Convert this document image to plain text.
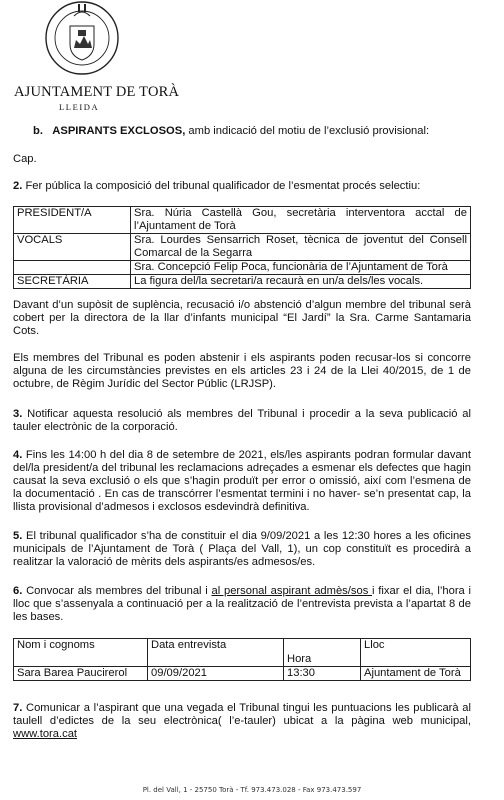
AJUNTAMENT DE TORÀ
LLEIDA
b. ASPIRANTS EXCLOSOS, amb indicació del motiu de l’exclusió provisional:
Cap.
2. Fer pública la composició del tribunal qualificador de l’esmentat procés selectiu:
PRESIDENT/A	Sra. Núria Castellà Gou, secretària interventora acctal de l’Ajuntament de Torà
VOCALS	Sra. Lourdes Sensarrich Roset, tècnica de joventut del Consell Comarcal de la Segarra
	Sra. Concepció Felip Poca, funcionària de l’Ajuntament de Torà
SECRETÀRIA	La figura del/la secretari/a recaurà en un/a dels/les vocals.
Davant d’un supòsit de suplència, recusació i/o abstenció d’algun membre del tribunal serà cobert per la directora de la llar d’infants municipal “El Jardí” la Sra. Carme Santamaria Cots.
Els membres del Tribunal es poden abstenir i els aspirants poden recusar-los si concorre alguna de les circumstàncies previstes en els articles 23 i 24 de la Llei 40/2015, de 1 de octubre, de Règim Jurídic del Sector Públic (LRJSP).
3. Notificar aquesta resolució als membres del Tribunal i procedir a la seva publicació al tauler electrònic de la corporació.
4. Fins les 14:00 h del dia 8 de setembre de 2021, els/les aspirants podran formular davant del/la president/a del tribunal les reclamacions adreçades a esmenar els defectes que hagin causat la seva exclusió o els que s’hagin produït per error o omissió, així com l’esmena de la documentació . En cas de transcórrer l’esmentat termini i no haver- se’n presentat cap, la llista provisional d’admesos i exclosos esdevindrà definitiva.
5. El tribunal qualificador s’ha de constituir el dia 9/09/2021 a les 12:30 hores a les oficines municipals de l’Ajuntament de Torà ( Plaça del Vall, 1), un cop constituït es procedirà a realitzar la valoració de mèrits dels aspirants/es admesos/es.
6. Convocar als membres del tribunal i al personal aspirant admès/sos i fixar el dia, l’hora i lloc que s’assenyala a continuació per a la realització de l’entrevista prevista a l’apartat 8 de les bases.
Nom i cognoms	Data entrevista	Hora	Lloc
Sara Barea Paucirerol	09/09/2021	13:30	Ajuntament de Torà
7. Comunicar a l’aspirant que una vegada el Tribunal tingui les puntuacions les publicarà al taulell d’edictes de la seu electrònica( l’e-tauler) ubicat a la pàgina web municipal, www.tora.cat
Pl. del Vall, 1 - 25750 Torà - Tf. 973.473.028 - Fax 973.473.597
